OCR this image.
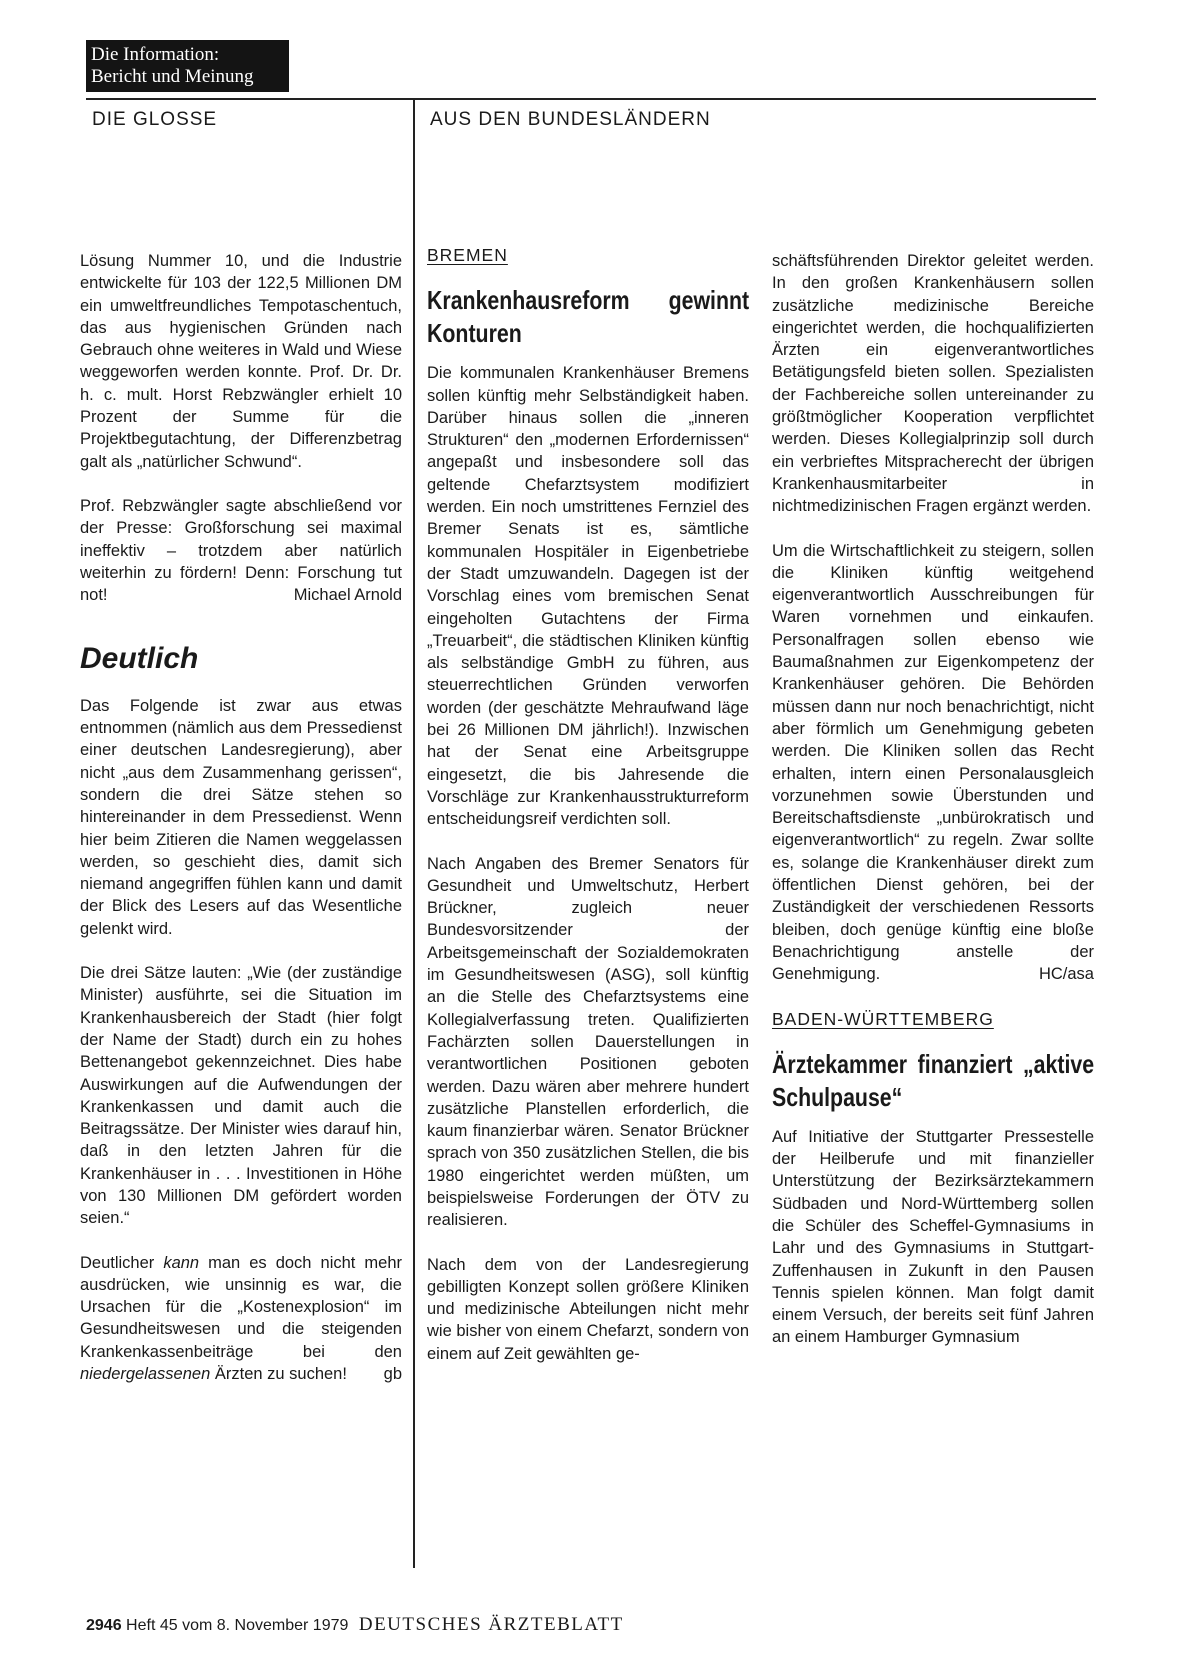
Die Information:
Bericht und Meinung
DIE GLOSSE	AUS DEN BUNDESLÄNDERN

Lösung Nummer 10, und die Industrie entwickelte für 103 der 122,5 Millionen DM ein umweltfreundliches Tempotaschentuch, das aus hygienischen Gründen nach Gebrauch ohne weiteres in Wald und Wiese weggeworfen werden konnte. Prof. Dr. Dr. h. c. mult. Horst Rebzwängler erhielt 10 Prozent der Summe für die Projektbegutachtung, der Differenzbetrag galt als „natürlicher Schwund“.

Prof. Rebzwängler sagte abschließend vor der Presse: Großforschung sei maximal ineffektiv – trotzdem aber natürlich weiterhin zu fördern! Denn: Forschung tut not!	Michael Arnold

Deutlich

Das Folgende ist zwar aus etwas entnommen (nämlich aus dem Pressedienst einer deutschen Landesregierung), aber nicht „aus dem Zusammenhang gerissen“, sondern die drei Sätze stehen so hintereinander in dem Pressedienst. Wenn hier beim Zitieren die Namen weggelassen werden, so geschieht dies, damit sich niemand angegriffen fühlen kann und damit der Blick des Lesers auf das Wesentliche gelenkt wird.

Die drei Sätze lauten: „Wie (der zuständige Minister) ausführte, sei die Situation im Krankenhausbereich der Stadt (hier folgt der Name der Stadt) durch ein zu hohes Bettenangebot gekennzeichnet. Dies habe Auswirkungen auf die Aufwendungen der Krankenkassen und damit auch die Beitragssätze. Der Minister wies darauf hin, daß in den letzten Jahren für die Krankenhäuser in . . . Investitionen in Höhe von 130 Millionen DM gefördert worden seien.“

Deutlicher kann man es doch nicht mehr ausdrücken, wie unsinnig es war, die Ursachen für die „Kostenexplosion“ im Gesundheitswesen und die steigenden Krankenkassenbeiträge bei den niedergelassenen Ärzten zu suchen! gb

BREMEN
Krankenhausreform gewinnt Konturen

Die kommunalen Krankenhäuser Bremens sollen künftig mehr Selbständigkeit haben. Darüber hinaus sollen die „inneren Strukturen“ den „modernen Erfordernissen“ angepaßt und insbesondere soll das geltende Chefarztsystem modifiziert werden. Ein noch umstrittenes Fernziel des Bremer Senats ist es, sämtliche kommunalen Hospitäler in Eigenbetriebe der Stadt umzuwandeln. Dagegen ist der Vorschlag eines vom bremischen Senat eingeholten Gutachtens der Firma „Treuarbeit“, die städtischen Kliniken künftig als selbständige GmbH zu führen, aus steuerrechtlichen Gründen verworfen worden (der geschätzte Mehraufwand läge bei 26 Millionen DM jährlich!). Inzwischen hat der Senat eine Arbeitsgruppe eingesetzt, die bis Jahresende die Vorschläge zur Krankenhausstrukturreform entscheidungsreif verdichten soll.

Nach Angaben des Bremer Senators für Gesundheit und Umweltschutz, Herbert Brückner, zugleich neuer Bundesvorsitzender der Arbeitsgemeinschaft der Sozialdemokraten im Gesundheitswesen (ASG), soll künftig an die Stelle des Chefarztsystems eine Kollegialverfassung treten. Qualifizierten Fachärzten sollen Dauerstellungen in verantwortlichen Positionen geboten werden. Dazu wären aber mehrere hundert zusätzliche Planstellen erforderlich, die kaum finanzierbar wären. Senator Brückner sprach von 350 zusätzlichen Stellen, die bis 1980 eingerichtet werden müßten, um beispielsweise Forderungen der ÖTV zu realisieren.

Nach dem von der Landesregierung gebilligten Konzept sollen größere Kliniken und medizinische Abteilungen nicht mehr wie bisher von einem Chefarzt, sondern von einem auf Zeit gewählten ge-

schäftsführenden Direktor geleitet werden. In den großen Krankenhäusern sollen zusätzliche medizinische Bereiche eingerichtet werden, die hochqualifizierten Ärzten ein eigenverantwortliches Betätigungsfeld bieten sollen. Spezialisten der Fachbereiche sollen untereinander zu größtmöglicher Kooperation verpflichtet werden. Dieses Kollegialprinzip soll durch ein verbrieftes Mitspracherecht der übrigen Krankenhausmitarbeiter in nichtmedizinischen Fragen ergänzt werden.

Um die Wirtschaftlichkeit zu steigern, sollen die Kliniken künftig weitgehend eigenverantwortlich Ausschreibungen für Waren vornehmen und einkaufen. Personalfragen sollen ebenso wie Baumaßnahmen zur Eigenkompetenz der Krankenhäuser gehören. Die Behörden müssen dann nur noch benachrichtigt, nicht aber förmlich um Genehmigung gebeten werden. Die Kliniken sollen das Recht erhalten, intern einen Personalausgleich vorzunehmen sowie Überstunden und Bereitschaftsdienste „unbürokratisch und eigenverantwortlich“ zu regeln. Zwar sollte es, solange die Krankenhäuser direkt zum öffentlichen Dienst gehören, bei der Zuständigkeit der verschiedenen Ressorts bleiben, doch genüge künftig eine bloße Benachrichtigung anstelle der Genehmigung.	HC/asa

BADEN-WÜRTTEMBERG
Ärztekammer finanziert „aktive Schulpause“

Auf Initiative der Stuttgarter Pressestelle der Heilberufe und mit finanzieller Unterstützung der Bezirksärztekammern Südbaden und Nord-Württemberg sollen die Schüler des Scheffel-Gymnasiums in Lahr und des Gymnasiums in Stuttgart-Zuffenhausen in Zukunft in den Pausen Tennis spielen können. Man folgt damit einem Versuch, der bereits seit fünf Jahren an einem Hamburger Gymnasium

2946 Heft 45 vom 8. November 1979 DEUTSCHES ÄRZTEBLATT
